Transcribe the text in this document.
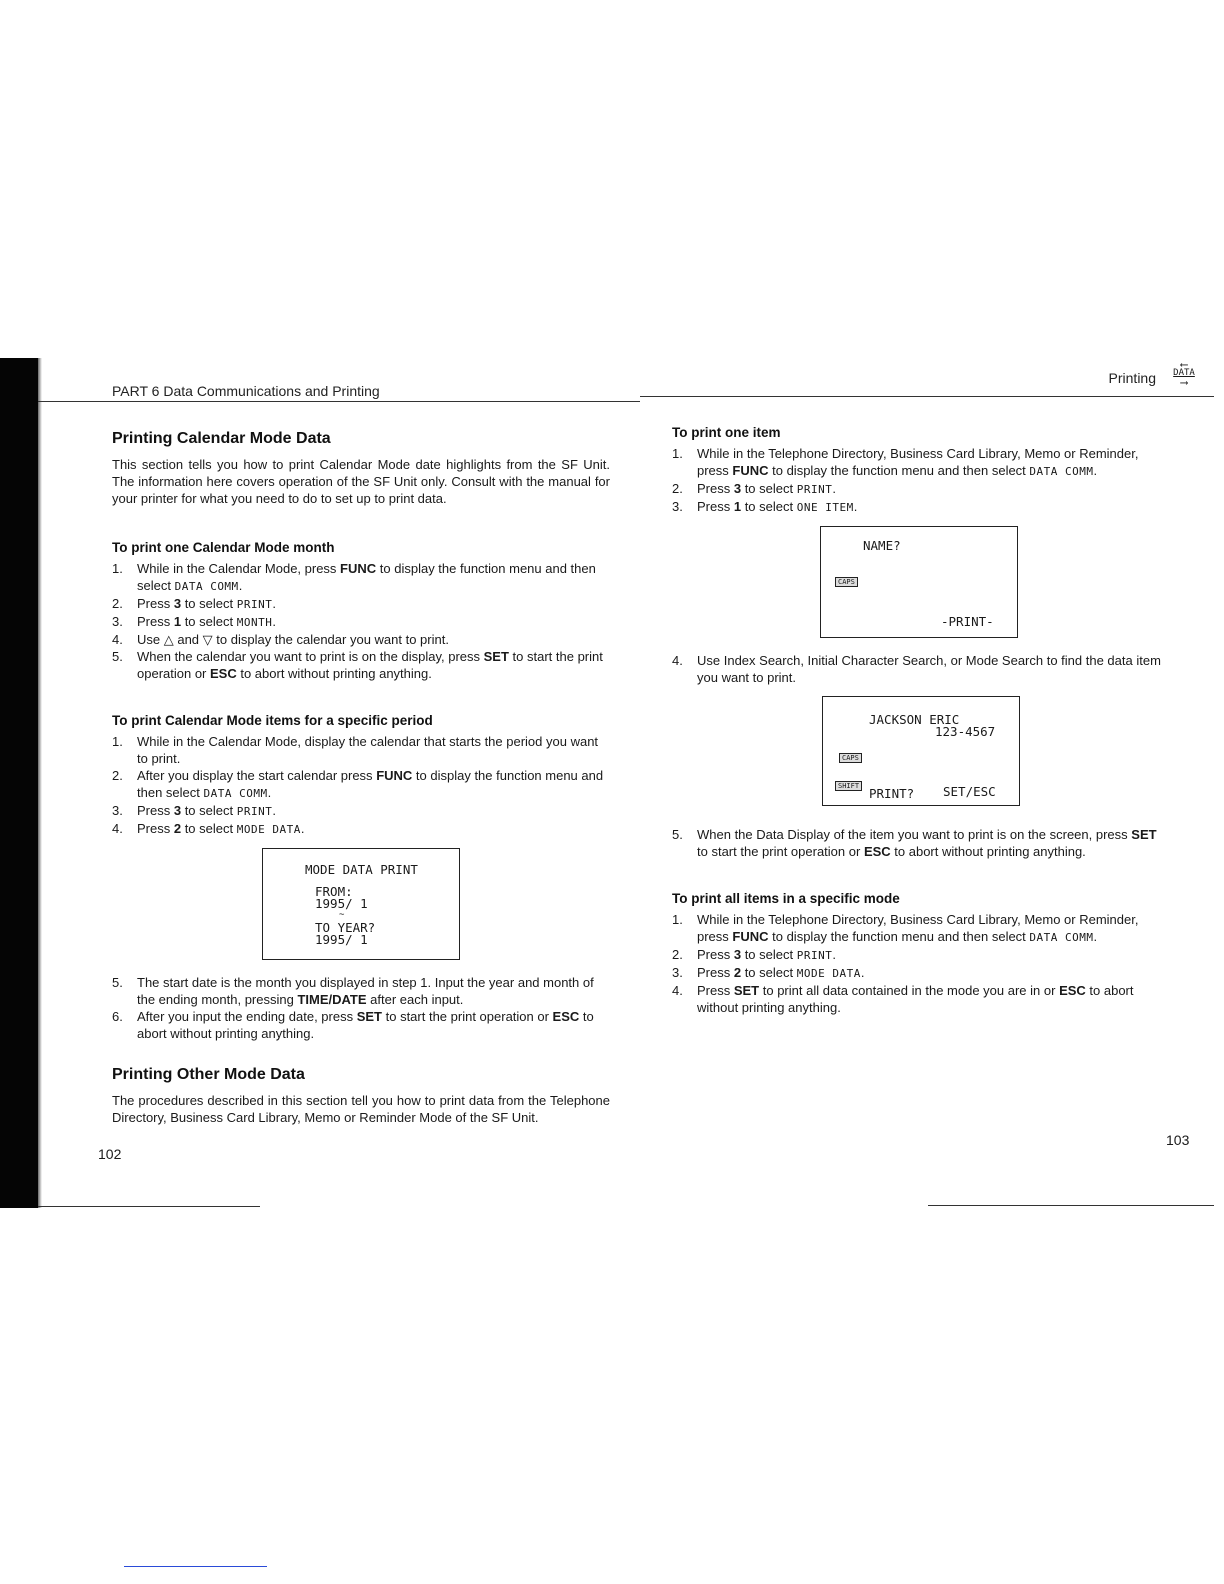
PART 6 Data Communications and Printing
Printing
⟵
DATA
⟶
Printing Calendar Mode Data

This section tells you how to print Calendar Mode date highlights from the SF Unit. The information here covers operation of the SF Unit only. Consult with the manual for your printer for what you need to do to set up to print data.

To print one Calendar Mode month
1. While in the Calendar Mode, press FUNC to display the function menu and then select DATA COMM.
2. Press 3 to select PRINT.
3. Press 1 to select MONTH.
4. Use △ and ▽ to display the calendar you want to print.
5. When the calendar you want to print is on the display, press SET to start the print operation or ESC to abort without printing anything.
To print Calendar Mode items for a specific period
1. While in the Calendar Mode, display the calendar that starts the period you want to print.
2. After you display the start calendar press FUNC to display the function menu and then select DATA COMM.
3. Press 3 to select PRINT.
4. Press 2 to select MODE DATA.
MODE DATA PRINT
FROM:
1995/ 1
~
TO YEAR?
1995/ 1
5. The start date is the month you displayed in step 1. Input the year and month of the ending month, pressing TIME/DATE after each input.
6. After you input the ending date, press SET to start the print operation or ESC to abort without printing anything.
Printing Other Mode Data

The procedures described in this section tell you how to print data from the Telephone Directory, Business Card Library, Memo or Reminder Mode of the SF Unit.

102
To print one item
1. While in the Telephone Directory, Business Card Library, Memo or Reminder, press FUNC to display the function menu and then select DATA COMM.
2. Press 3 to select PRINT.
3. Press 1 to select ONE ITEM.
NAME?
CAPS
-PRINT-
4. Use Index Search, Initial Character Search, or Mode Search to find the data item you want to print.
JACKSON ERIC
123-4567
CAPS
SHIFT PRINT? SET/ESC
5. When the Data Display of the item you want to print is on the screen, press SET to start the print operation or ESC to abort without printing anything.
To print all items in a specific mode
1. While in the Telephone Directory, Business Card Library, Memo or Reminder, press FUNC to display the function menu and then select DATA COMM.
2. Press 3 to select PRINT.
3. Press 2 to select MODE DATA.
4. Press SET to print all data contained in the mode you are in or ESC to abort without printing anything.
103
